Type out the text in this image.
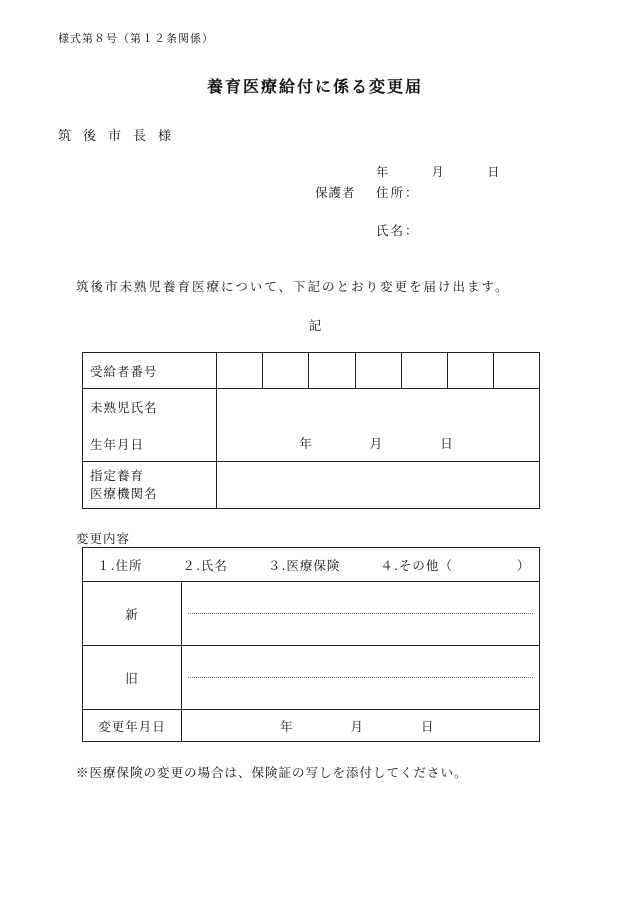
様式第８号（第１２条関係）
養育医療給付に係る変更届
筑後市長様
年	月	日
保護者 住所：
氏名：
筑後市未熟児養育医療について、下記のとおり変更を届け出ます。
記
受給者番号							

未熟児氏名
生年月日	年 月 日						

指定養育
医療機関名							

変更内容
１.住所 ２.氏名 ３.医療保険 ４.その他（ ）	
新	

旧	

変更年月日	年 月 日
※医療保険の変更の場合は、保険証の写しを添付してください。
